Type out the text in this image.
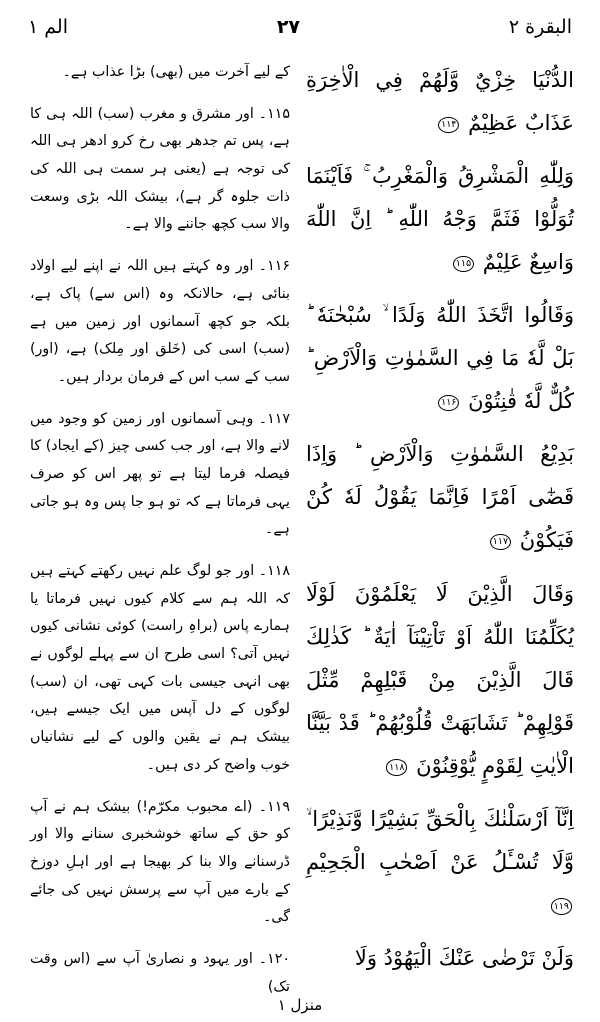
البقرة ۲
۲۷
الم ۱

کے لیے آخرت میں (بھی) بڑا عذاب ہے۔

۱۱۵۔ اور مشرق و مغرب (سب) اللہ ہی کا ہے، پس تم جدھر بھی رخ کرو ادھر ہی اللہ کی توجہ ہے (یعنی ہر سمت ہی اللہ کی ذات جلوہ گر ہے)، بیشک اللہ بڑی وسعت والا سب کچھ جاننے والا ہے۔

۱۱۶۔ اور وہ کہتے ہیں اللہ نے اپنے لیے اولاد بنائی ہے، حالانکہ وہ (اس سے) پاک ہے، بلکہ جو کچھ آسمانوں اور زمین میں ہے (سب) اسی کی (خَلق اور مِلک) ہے، (اور) سب کے سب اس کے فرمان بردار ہیں۔

۱۱۷۔ وہی آسمانوں اور زمین کو وجود میں لانے والا ہے، اور جب کسی چیز (کے ایجاد) کا فیصلہ فرما لیتا ہے تو پھر اس کو صرف یہی فرماتا ہے کہ تو ہو جا پس وہ ہو جاتی ہے۔

۱۱۸۔ اور جو لوگ علم نہیں رکھتے کہتے ہیں کہ اللہ ہم سے کلام کیوں نہیں فرماتا یا ہمارے پاس (براہِ راست) کوئی نشانی کیوں نہیں آتی؟ اسی طرح ان سے پہلے لوگوں نے بھی انہی جیسی بات کہی تھی، ان (سب) لوگوں کے دل آپس میں ایک جیسے ہیں، بیشک ہم نے یقین والوں کے لیے نشانیاں خوب واضح کر دی ہیں۔

۱۱۹۔ (اے محبوب مکرّم!) بیشک ہم نے آپ کو حق کے ساتھ خوشخبری سنانے والا اور ڈرسنانے والا بنا کر بھیجا ہے اور اہلِ دوزخ کے بارے میں آپ سے پرسش نہیں کی جائے گی۔

۱۲۰۔ اور یہود و نصاریٰ آپ سے (اس وقت تک)

الدُّنْيَا خِزْيٌ وَّلَهُمْ فِي الْاٰخِرَةِ عَذَابٌ عَظِيْمٌ ۱۱۴

وَلِلّٰهِ الْمَشْرِقُ وَالْمَغْرِبُ ۚ فَاَيْنَمَا تُوَلُّوْا فَثَمَّ وَجْهُ اللّٰهِ ؕ اِنَّ اللّٰهَ وَاسِعٌ عَلِيْمٌ ۱۱۵

وَقَالُوا اتَّخَذَ اللّٰهُ وَلَدًا ۙ سُبْحٰنَهٗ ؕ بَلْ لَّهٗ مَا فِي السَّمٰوٰتِ وَالْاَرْضِ ؕ كُلٌّ لَّهٗ قٰنِتُوْنَ ۱۱۶

بَدِيْعُ السَّمٰوٰتِ وَالْاَرْضِ ؕ وَاِذَا قَضٰٓى اَمْرًا فَاِنَّمَا يَقُوْلُ لَهٗ كُنْ فَيَكُوْنُ ۱۱۷

وَقَالَ الَّذِيْنَ لَا يَعْلَمُوْنَ لَوْلَا يُكَلِّمُنَا اللّٰهُ اَوْ تَاْتِيْنَآ اٰيَةٌ ؕ كَذٰلِكَ قَالَ الَّذِيْنَ مِنْ قَبْلِهِمْ مِّثْلَ قَوْلِهِمْ ؕ تَشَابَهَتْ قُلُوْبُهُمْ ؕ قَدْ بَيَّنَّا الْاٰيٰتِ لِقَوْمٍ يُّوْقِنُوْنَ ۱۱۸

اِنَّآ اَرْسَلْنٰكَ بِالْحَقِّ بَشِيْرًا وَّنَذِيْرًا ۙ وَّلَا تُسْـَٔلُ عَنْ اَصْحٰبِ الْجَحِيْمِ ۱۱۹

وَلَنْ تَرْضٰى عَنْكَ الْيَهُوْدُ وَلَا

منزل ۱
